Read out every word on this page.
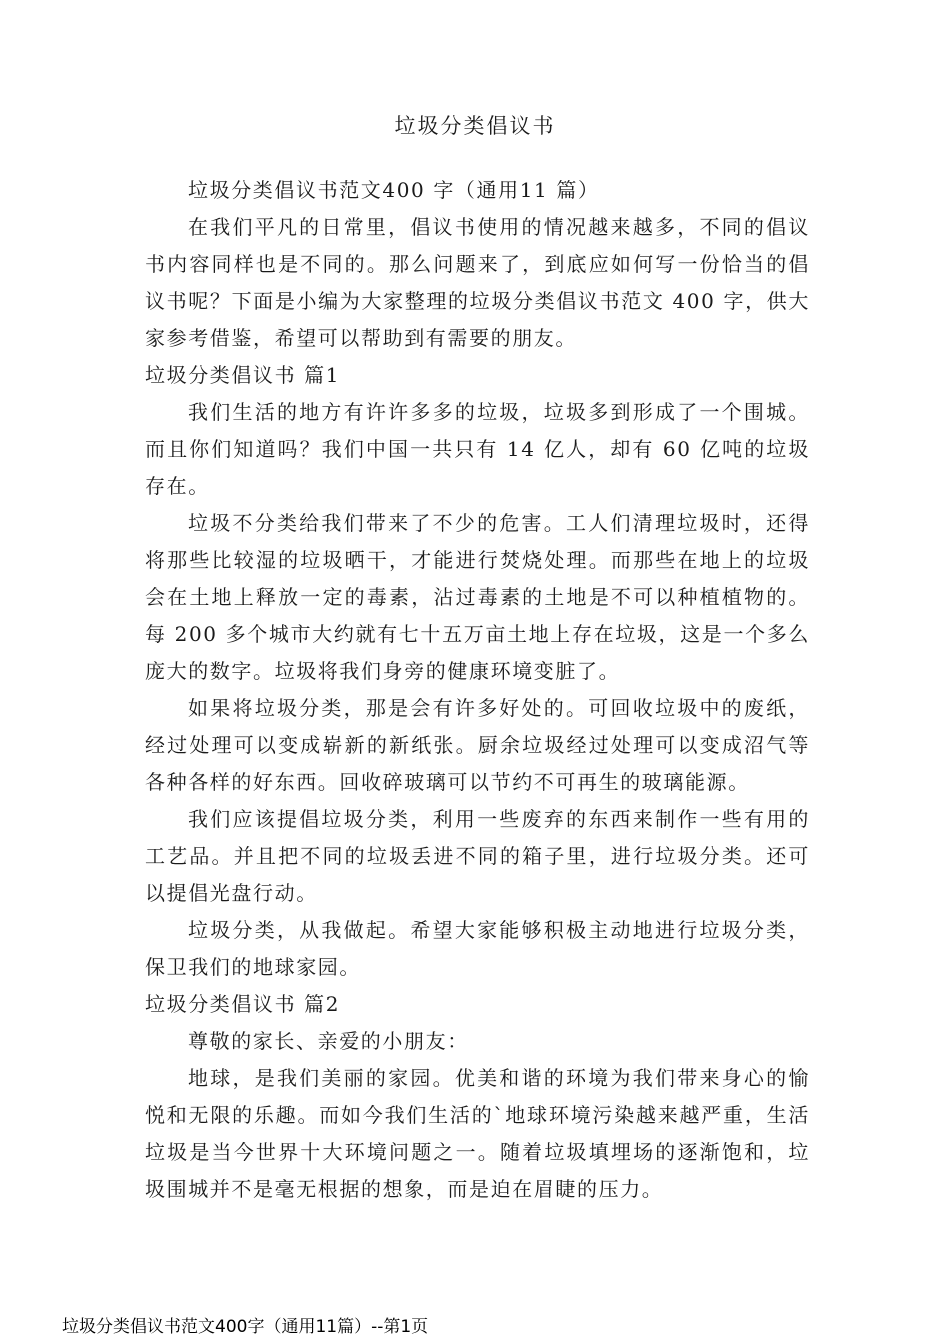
垃圾分类倡议书

垃圾分类倡议书范文400 字（通用11 篇）

在我们平凡的日常里，倡议书使用的情况越来越多，不同的倡议书内容同样也是不同的。那么问题来了，到底应如何写一份恰当的倡议书呢？下面是小编为大家整理的垃圾分类倡议书范文 400 字，供大家参考借鉴，希望可以帮助到有需要的朋友。

垃圾分类倡议书 篇1

我们生活的地方有许许多多的垃圾，垃圾多到形成了一个围城。而且你们知道吗？我们中国一共只有 14 亿人，却有 60 亿吨的垃圾存在。

垃圾不分类给我们带来了不少的危害。工人们清理垃圾时，还得将那些比较湿的垃圾晒干，才能进行焚烧处理。而那些在地上的垃圾会在土地上释放一定的毒素，沾过毒素的土地是不可以种植植物的。每 200 多个城市大约就有七十五万亩土地上存在垃圾，这是一个多么庞大的数字。垃圾将我们身旁的健康环境变脏了。

如果将垃圾分类，那是会有许多好处的。可回收垃圾中的废纸，经过处理可以变成崭新的新纸张。厨余垃圾经过处理可以变成沼气等各种各样的好东西。回收碎玻璃可以节约不可再生的玻璃能源。

我们应该提倡垃圾分类，利用一些废弃的东西来制作一些有用的工艺品。并且把不同的垃圾丢进不同的箱子里，进行垃圾分类。还可以提倡光盘行动。

垃圾分类，从我做起。希望大家能够积极主动地进行垃圾分类，保卫我们的地球家园。

垃圾分类倡议书 篇2

尊敬的家长、亲爱的小朋友：

地球，是我们美丽的家园。优美和谐的环境为我们带来身心的愉悦和无限的乐趣。而如今我们生活的`地球环境污染越来越严重，生活垃圾是当今世界十大环境问题之一。随着垃圾填埋场的逐渐饱和，垃圾围城并不是毫无根据的想象，而是迫在眉睫的压力。

垃圾分类倡议书范文400字（通用11篇）--第1页
